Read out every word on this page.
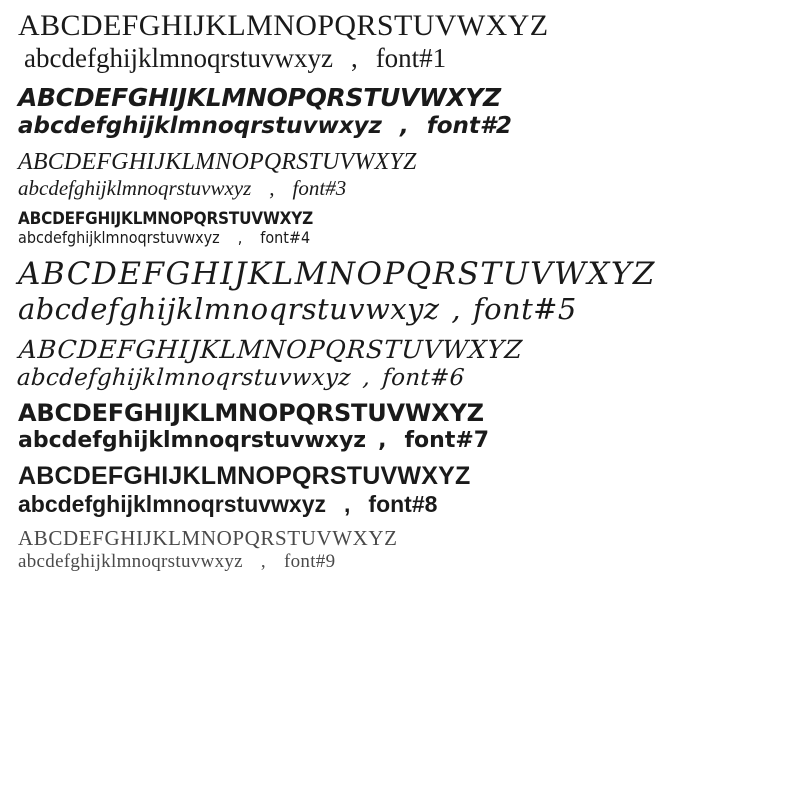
ABCDEFGHIJKLMNOPQRSTUVWXYZ
abcdefghijklmnoqrstuvwxyz , font#1
ABCDEFGHIJKLMNOPQRSTUVWXYZ
abcdefghijklmnoqrstuvwxyz , font#2
ABCDEFGHIJKLMNOPQRSTUVWXYZ
abcdefghijklmnoqrstuvwxyz , font#3
ABCDEFGHIJKLMNOPQRSTUVWXYZ
abcdefghijklmnoqrstuvwxyz , font#4
ABCDEFGHIJKLMNOPQRSTUVWXYZ
abcdefghijklmnoqrstuvwxyz , font#5
ABCDEFGHIJKLMNOPQRSTUVWXYZ
abcdefghijklmnoqrstuvwxyz , font#6
ABCDEFGHIJKLMNOPQRSTUVWXYZ
abcdefghijklmnoqrstuvwxyz , font#7
ABCDEFGHIJKLMNOPQRSTUVWXYZ
abcdefghijklmnoqrstuvwxyz , font#8
ABCDEFGHIJKLMNOPQRSTUVWXYZ
abcdefghijklmnoqrstuvwxyz , font#9
